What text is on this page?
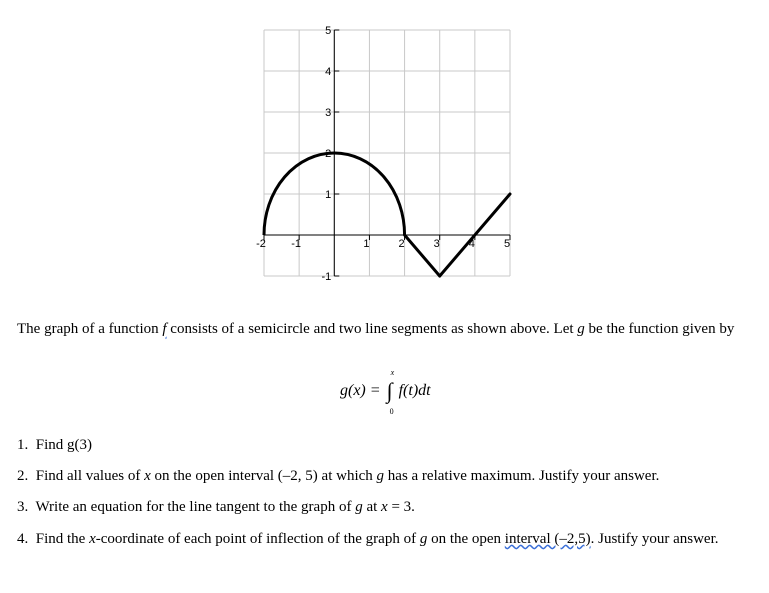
-2 -1	1	2	3	4	5
-1
1
2
3
4
5

The graph of a function f consists of a semicircle and two line segments as shown above. Let g be the function given by

g(x) =
x
∫
0
f(t)dt

1. Find g(3)

2. Find all values of x on the open interval (–2, 5) at which g has a relative maximum. Justify your answer.

3. Write an equation for the line tangent to the graph of g at x = 3.

4. Find the x-coordinate of each point of inflection of the graph of g on the open interval (–2,5). Justify your answer.
